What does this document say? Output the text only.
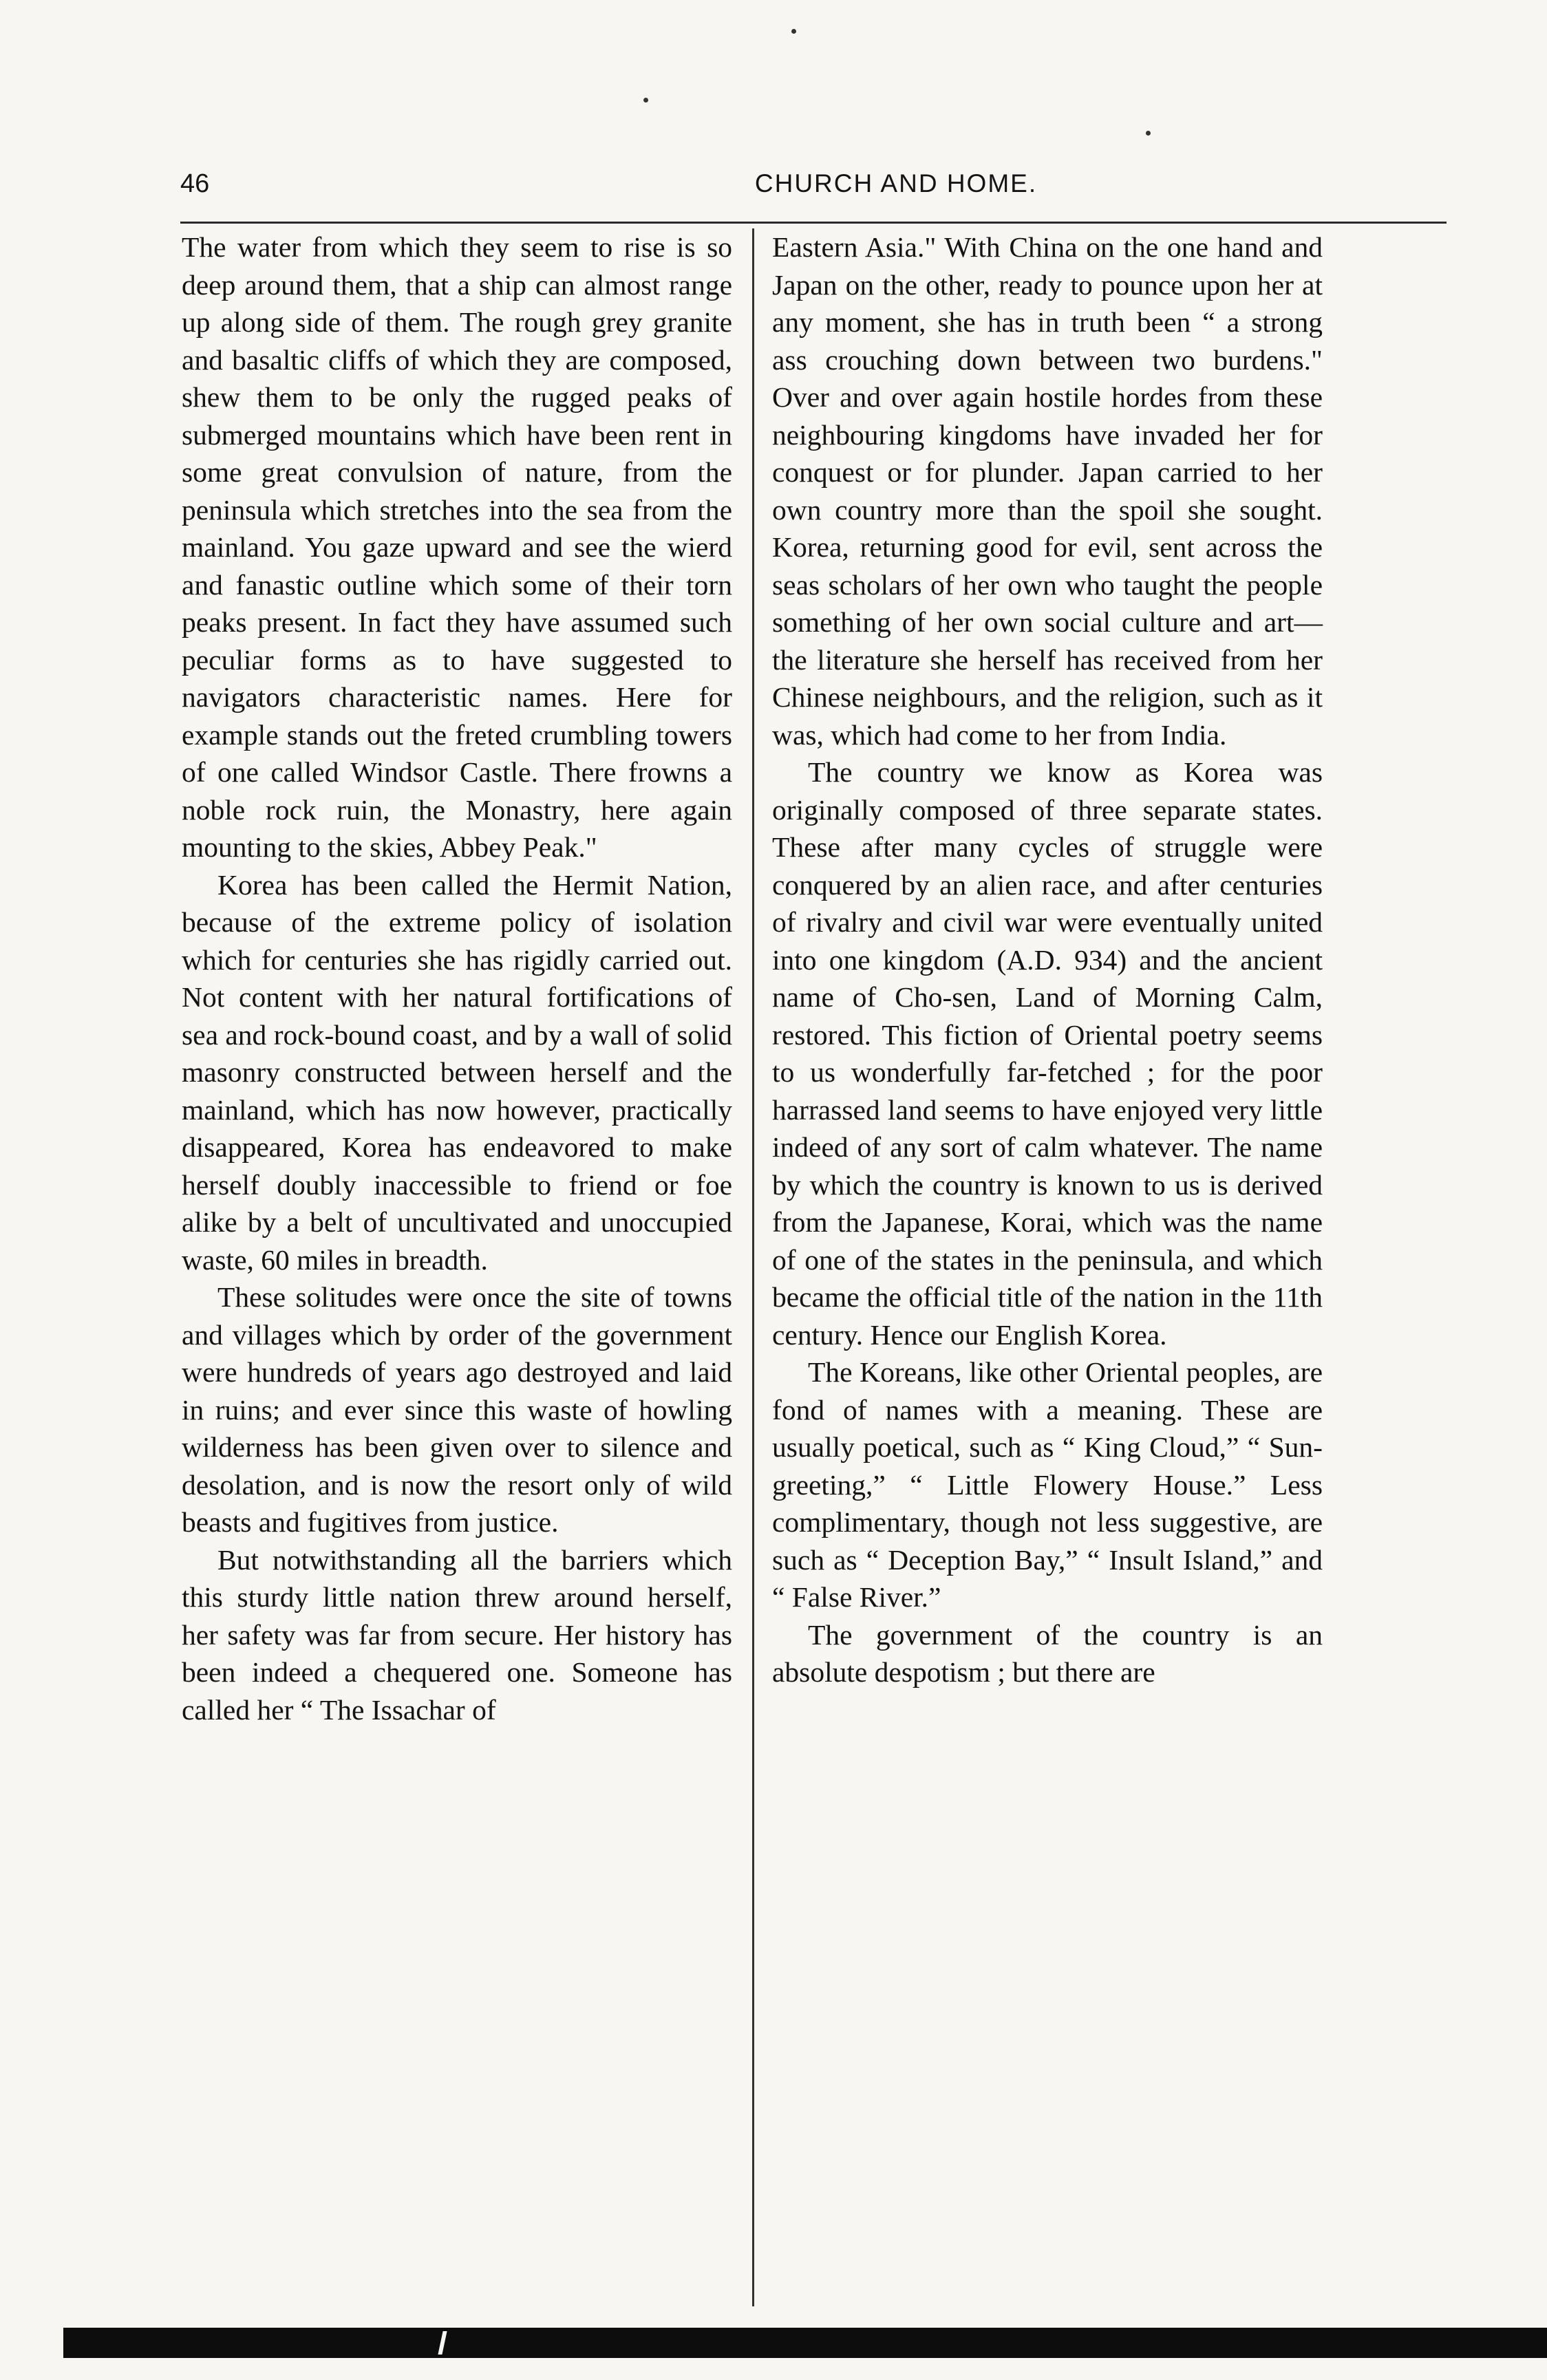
46	CHURCH AND HOME.

The water from which they seem to rise is so deep around them, that a ship can almost range up along side of them. The rough grey granite and basaltic cliffs of which they are composed, shew them to be only the rugged peaks of submerged mountains which have been rent in some great convulsion of nature, from the peninsula which stretches into the sea from the mainland. You gaze upward and see the wierd and fanastic outline which some of their torn peaks present. In fact they have assumed such peculiar forms as to have suggested to navigators characteristic names. Here for example stands out the freted crumbling towers of one called Windsor Castle. There frowns a noble rock ruin, the Monastry, here again mounting to the skies, Abbey Peak."

Korea has been called the Hermit Nation, because of the extreme policy of isolation which for centuries she has rigidly carried out. Not content with her natural fortifications of sea and rock-bound coast, and by a wall of solid masonry constructed between herself and the mainland, which has now however, practically disappeared, Korea has endeavored to make herself doubly inaccessible to friend or foe alike by a belt of uncultivated and unoccupied waste, 60 miles in breadth.

These solitudes were once the site of towns and villages which by order of the government were hundreds of years ago destroyed and laid in ruins; and ever since this waste of howling wilderness has been given over to silence and desolation, and is now the resort only of wild beasts and fugitives from justice.

But notwithstanding all the barriers which this sturdy little nation threw around herself, her safety was far from secure. Her history has been indeed a chequered one. Someone has called her “ The Issachar of

Eastern Asia." With China on the one hand and Japan on the other, ready to pounce upon her at any moment, she has in truth been “ a strong ass crouching down between two burdens." Over and over again hostile hordes from these neighbouring kingdoms have invaded her for conquest or for plunder. Japan carried to her own country more than the spoil she sought. Korea, returning good for evil, sent across the seas scholars of her own who taught the people something of her own social culture and art—the literature she herself has received from her Chinese neighbours, and the religion, such as it was, which had come to her from India.

The country we know as Korea was originally composed of three separate states. These after many cycles of struggle were conquered by an alien race, and after centuries of rivalry and civil war were eventually united into one kingdom (A.D. 934) and the ancient name of Cho-sen, Land of Morning Calm, restored. This fiction of Oriental poetry seems to us wonderfully far-fetched ; for the poor harrassed land seems to have enjoyed very little indeed of any sort of calm whatever. The name by which the country is known to us is derived from the Japanese, Korai, which was the name of one of the states in the peninsula, and which became the official title of the nation in the 11th century. Hence our English Korea.

The Koreans, like other Oriental peoples, are fond of names with a meaning. These are usually poetical, such as “ King Cloud,” “ Sun-greeting,” “ Little Flowery House.” Less complimentary, though not less suggestive, are such as “ Deception Bay,” “ Insult Island,” and “ False River.”

The government of the country is an absolute despotism ; but there are
